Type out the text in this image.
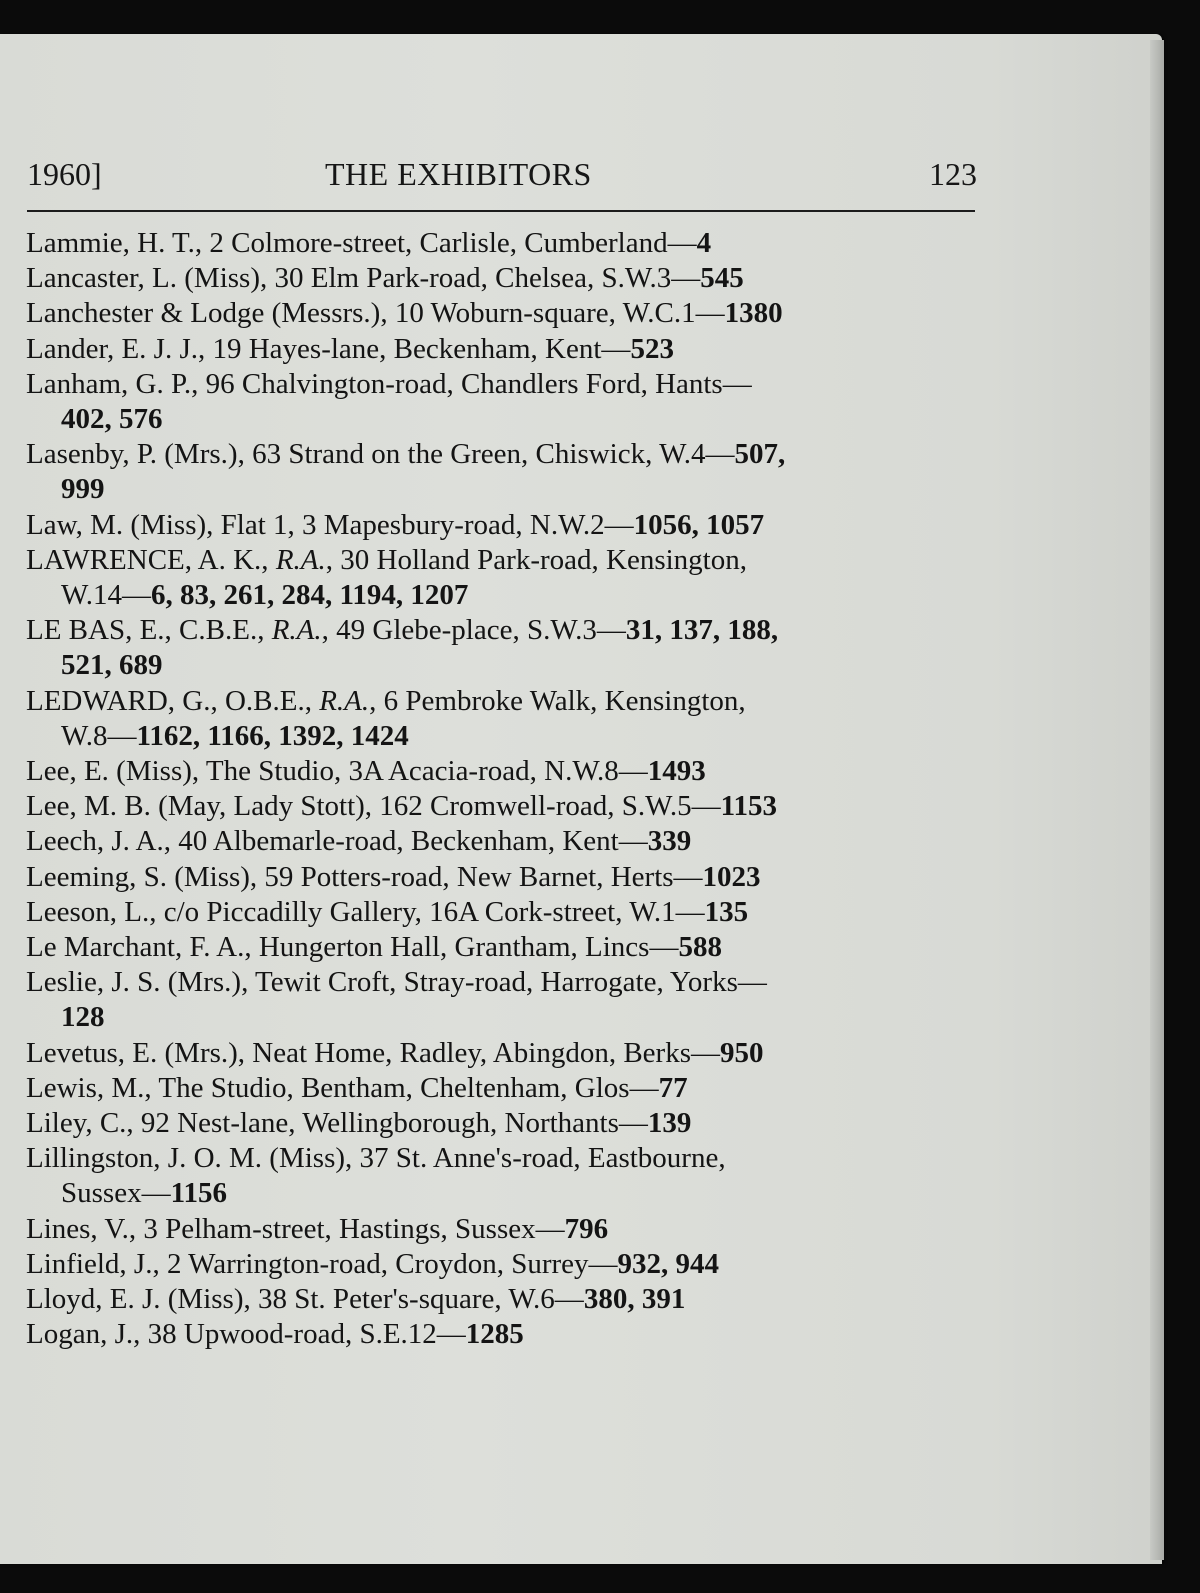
1960]	THE EXHIBITORS	123
Lammie, H. T., 2 Colmore-street, Carlisle, Cumberland—4
Lancaster, L. (Miss), 30 Elm Park-road, Chelsea, S.W.3—545
Lanchester & Lodge (Messrs.), 10 Woburn-square, W.C.1—1380
Lander, E. J. J., 19 Hayes-lane, Beckenham, Kent—523
Lanham, G. P., 96 Chalvington-road, Chandlers Ford, Hants—
402, 576
Lasenby, P. (Mrs.), 63 Strand on the Green, Chiswick, W.4—507,
999
Law, M. (Miss), Flat 1, 3 Mapesbury-road, N.W.2—1056, 1057
LAWRENCE, A. K., R.A., 30 Holland Park-road, Kensington,
W.14—6, 83, 261, 284, 1194, 1207
LE BAS, E., C.B.E., R.A., 49 Glebe-place, S.W.3—31, 137, 188,
521, 689
LEDWARD, G., O.B.E., R.A., 6 Pembroke Walk, Kensington,
W.8—1162, 1166, 1392, 1424
Lee, E. (Miss), The Studio, 3A Acacia-road, N.W.8—1493
Lee, M. B. (May, Lady Stott), 162 Cromwell-road, S.W.5—1153
Leech, J. A., 40 Albemarle-road, Beckenham, Kent—339
Leeming, S. (Miss), 59 Potters-road, New Barnet, Herts—1023
Leeson, L., c/o Piccadilly Gallery, 16A Cork-street, W.1—135
Le Marchant, F. A., Hungerton Hall, Grantham, Lincs—588
Leslie, J. S. (Mrs.), Tewit Croft, Stray-road, Harrogate, Yorks—
128
Levetus, E. (Mrs.), Neat Home, Radley, Abingdon, Berks—950
Lewis, M., The Studio, Bentham, Cheltenham, Glos—77
Liley, C., 92 Nest-lane, Wellingborough, Northants—139
Lillingston, J. O. M. (Miss), 37 St. Anne's-road, Eastbourne,
Sussex—1156
Lines, V., 3 Pelham-street, Hastings, Sussex—796
Linfield, J., 2 Warrington-road, Croydon, Surrey—932, 944
Lloyd, E. J. (Miss), 38 St. Peter's-square, W.6—380, 391
Logan, J., 38 Upwood-road, S.E.12—1285
